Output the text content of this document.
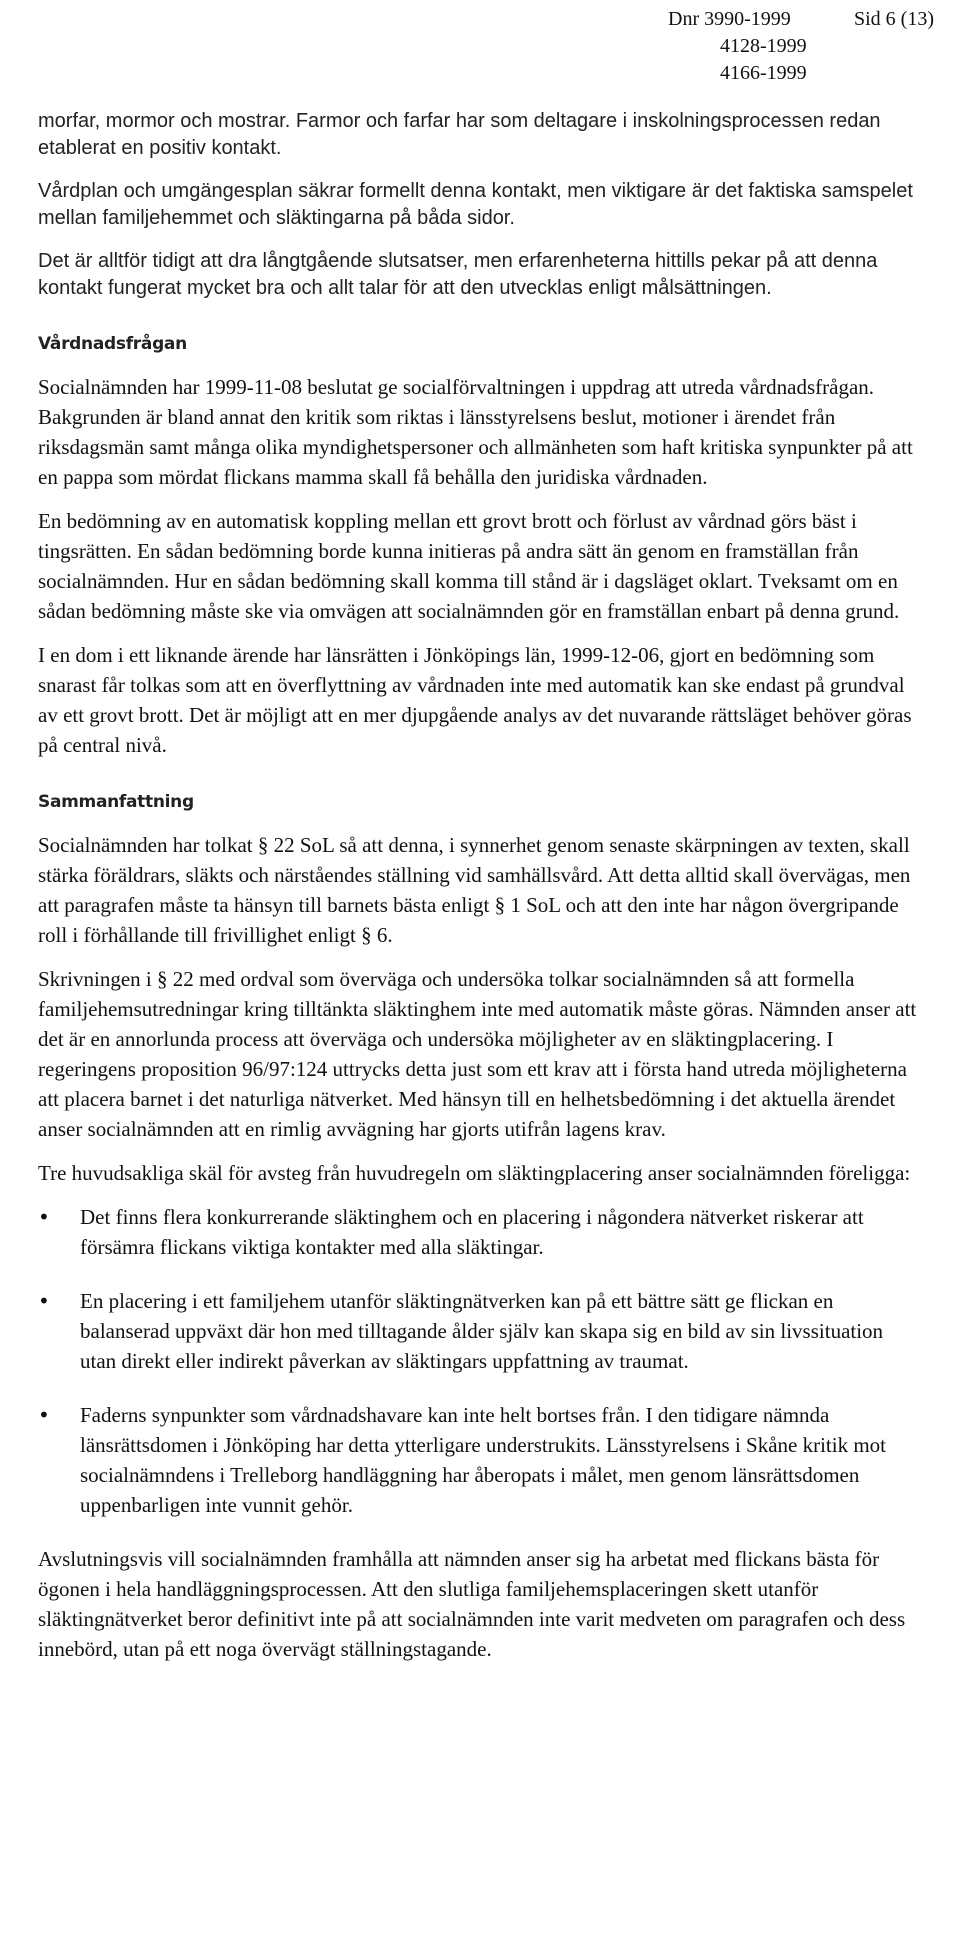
Dnr 3990-1999
4128-1999
4166-1999
Sid 6 (13)

morfar, mormor och mostrar. Farmor och farfar har som deltagare i inskolningsprocessen redan etablerat en positiv kontakt.

Vårdplan och umgängesplan säkrar formellt denna kontakt, men viktigare är det faktiska samspelet mellan familjehemmet och släktingarna på båda sidor.

Det är alltför tidigt att dra långtgående slutsatser, men erfarenheterna hittills pekar på att denna kontakt fungerat mycket bra och allt talar för att den utvecklas enligt målsättningen.

Vårdnadsfrågan

Socialnämnden har 1999-11-08 beslutat ge socialförvaltningen i uppdrag att utreda vårdnadsfrågan. Bakgrunden är bland annat den kritik som riktas i länsstyrelsens beslut, motioner i ärendet från riksdagsmän samt många olika myndighetspersoner och allmänheten som haft kritiska synpunkter på att en pappa som mördat flickans mamma skall få behålla den juridiska vårdnaden.

En bedömning av en automatisk koppling mellan ett grovt brott och förlust av vårdnad görs bäst i tingsrätten. En sådan bedömning borde kunna initieras på andra sätt än genom en framställan från socialnämnden. Hur en sådan bedömning skall komma till stånd är i dagsläget oklart. Tveksamt om en sådan bedömning måste ske via omvägen att socialnämnden gör en framställan enbart på denna grund.

I en dom i ett liknande ärende har länsrätten i Jönköpings län, 1999-12-06, gjort en bedömning som snarast får tolkas som att en överflyttning av vårdnaden inte med automatik kan ske endast på grundval av ett grovt brott. Det är möjligt att en mer djupgående analys av det nuvarande rättsläget behöver göras på central nivå.

Sammanfattning

Socialnämnden har tolkat § 22 SoL så att denna, i synnerhet genom senaste skärpningen av texten, skall stärka föräldrars, släkts och närståendes ställning vid samhällsvård. Att detta alltid skall övervägas, men att paragrafen måste ta hänsyn till barnets bästa enligt § 1 SoL och att den inte har någon övergripande roll i förhållande till frivillighet enligt § 6.

Skrivningen i § 22 med ordval som överväga och undersöka tolkar socialnämnden så att formella familjehemsutredningar kring tilltänkta släktinghem inte med automatik måste göras. Nämnden anser att det är en annorlunda process att överväga och undersöka möjligheter av en släktingplacering. I regeringens proposition 96/97:124 uttrycks detta just som ett krav att i första hand utreda möjligheterna att placera barnet i det naturliga nätverket. Med hänsyn till en helhetsbedömning i det aktuella ärendet anser socialnämnden att en rimlig avvägning har gjorts utifrån lagens krav.

Tre huvudsakliga skäl för avsteg från huvudregeln om släktingplacering anser socialnämnden föreligga:

• Det finns flera konkurrerande släktinghem och en placering i någondera nätverket riskerar att försämra flickans viktiga kontakter med alla släktingar.
• En placering i ett familjehem utanför släktingnätverken kan på ett bättre sätt ge flickan en balanserad uppväxt där hon med tilltagande ålder själv kan skapa sig en bild av sin livssituation utan direkt eller indirekt påverkan av släktingars uppfattning av traumat.
• Faderns synpunkter som vårdnadshavare kan inte helt bortses från. I den tidigare nämnda länsrättsdomen i Jönköping har detta ytterligare understrukits. Länsstyrelsens i Skåne kritik mot socialnämndens i Trelleborg handläggning har åberopats i målet, men genom länsrättsdomen uppenbarligen inte vunnit gehör.

Avslutningsvis vill socialnämnden framhålla att nämnden anser sig ha arbetat med flickans bästa för ögonen i hela handläggningsprocessen. Att den slutliga familjehemsplaceringen skett utanför släktingnätverket beror definitivt inte på att socialnämnden inte varit medveten om paragrafen och dess innebörd, utan på ett noga övervägt ställningstagande.
